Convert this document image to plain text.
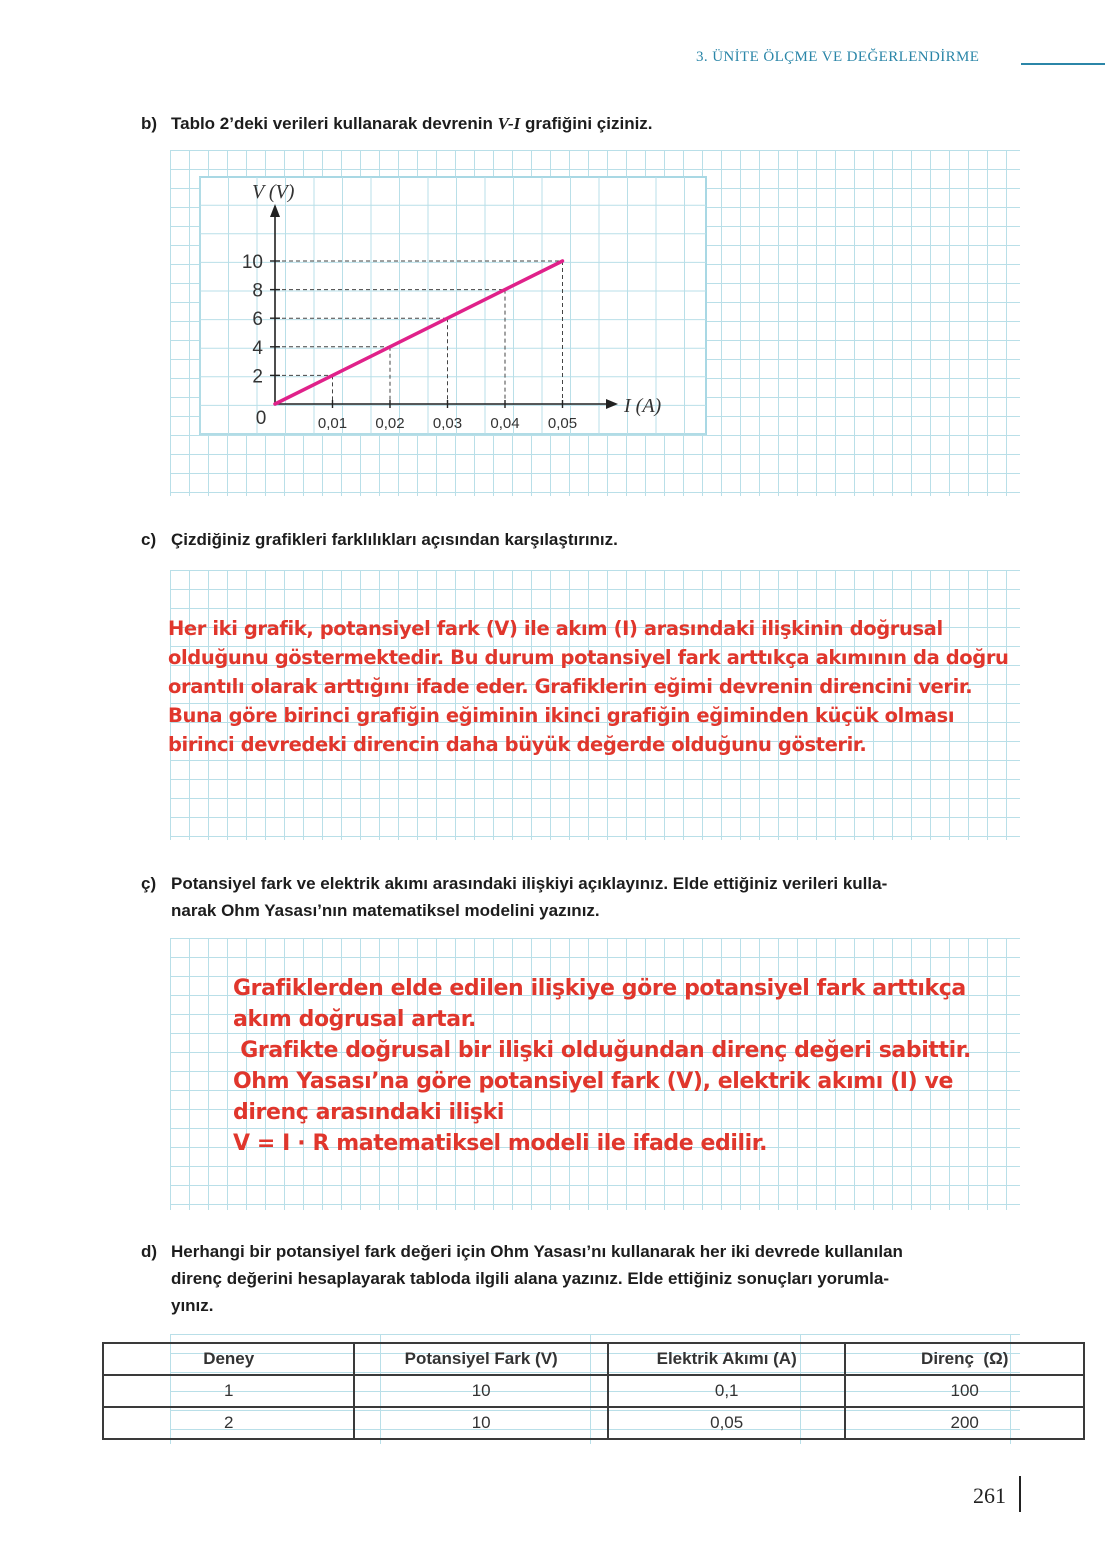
3. ÜNİTE ÖLÇME VE DEĞERLENDİRME
b) Tablo 2’deki verileri kullanarak devrenin V-I grafiğini çiziniz.
0,01 0,02 0,03 0,04 0,05
2
4
6
8
10
0
I (A)
V (V)
c) Çizdiğiniz grafikleri farklılıkları açısından karşılaştırınız.
Her iki grafik, potansiyel fark (V) ile akım (I) arasındaki ilişkinin doğrusal
olduğunu göstermektedir. Bu durum potansiyel fark arttıkça akımının da doğru
orantılı olarak arttığını ifade eder. Grafiklerin eğimi devrenin direncini verir.
Buna göre birinci grafiğin eğiminin ikinci grafiğin eğiminden küçük olması
birinci devredeki direncin daha büyük değerde olduğunu gösterir.
ç) Potansiyel fark ve elektrik akımı arasındaki ilişkiyi açıklayınız. Elde ettiğiniz verileri kulla-
narak Ohm Yasası’nın matematiksel modelini yazınız.
Grafiklerden elde edilen ilişkiye göre potansiyel fark arttıkça
akım doğrusal artar.
Grafikte doğrusal bir ilişki olduğundan direnç değeri sabittir.
Ohm Yasası’na göre potansiyel fark (V), elektrik akımı (I) ve
direnç arasındaki ilişki
V = I · R matematiksel modeli ile ifade edilir.
d) Herhangi bir potansiyel fark değeri için Ohm Yasası’nı kullanarak her iki devrede kullanılan
direnç değerini hesaplayarak tabloda ilgili alana yazınız. Elde ettiğiniz sonuçları yorumla-
yınız.
Deney	Potansiyel Fark (V)	Elektrik Akımı (A)	Direnç  (Ω)
1	10	0,1	100
2	10	0,05	200
261
